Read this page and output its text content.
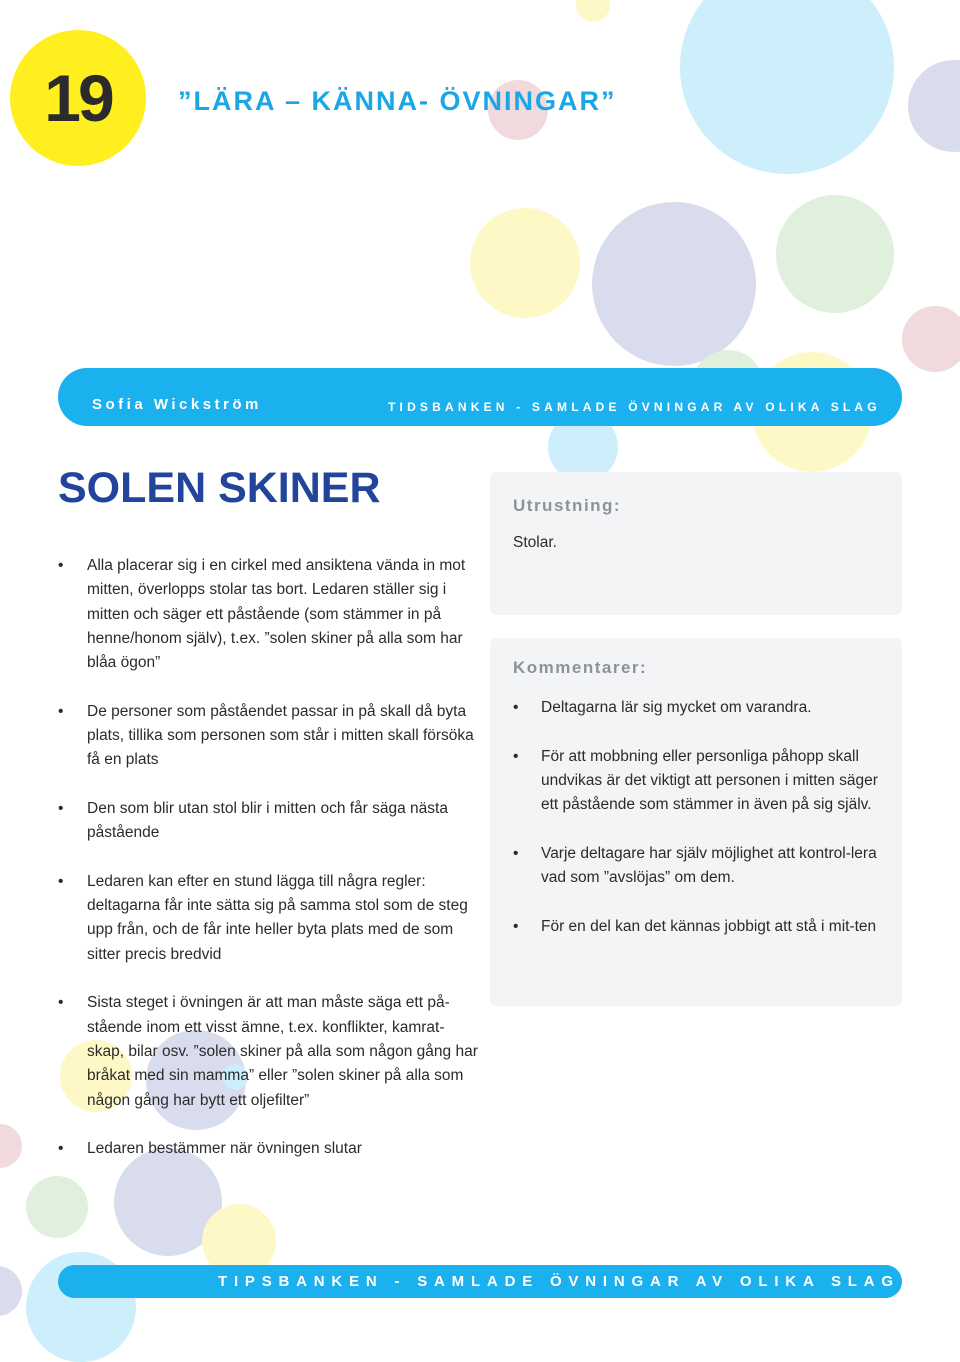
19 ”LÄRA – KÄNNA- ÖVNINGAR”
Sofia Wickström	TIDSBANKEN - SAMLADE ÖVNINGAR AV OLIKA SLAG
SOLEN SKINER
• Alla placerar sig i en cirkel med ansiktena vända in mot mitten, överlopps stolar tas bort. Ledaren ställer sig i mitten och säger ett påstående (som stämmer in på henne/honom själv), t.ex. ”solen skiner på alla som har blåa ögon”
• De personer som påståendet passar in på skall då byta plats, tillika som personen som står i mitten skall försöka få en plats
• Den som blir utan stol blir i mitten och får säga nästa påstående
• Ledaren kan efter en stund lägga till några regler: deltagarna får inte sätta sig på samma stol som de steg upp från, och de får inte heller byta plats med de som sitter precis bredvid
• Sista steget i övningen är att man måste säga ett på-stående inom ett visst ämne, t.ex. konflikter, kamrat-skap, bilar osv. ”solen skiner på alla som någon gång har bråkat med sin mamma” eller ”solen skiner på alla som någon gång har bytt ett oljefilter”
• Ledaren bestämmer när övningen slutar
Utrustning:
Stolar.
Kommentarer:
• Deltagarna lär sig mycket om varandra.
• För att mobbning eller personliga påhopp skall undvikas är det viktigt att personen i mitten säger ett påstående som stämmer in även på sig själv.
• Varje deltagare har själv möjlighet att kontrol-lera vad som ”avslöjas” om dem.
• För en del kan det kännas jobbigt att stå i mit-ten
TIPSBANKEN - SAMLADE ÖVNINGAR AV OLIKA SLAG
